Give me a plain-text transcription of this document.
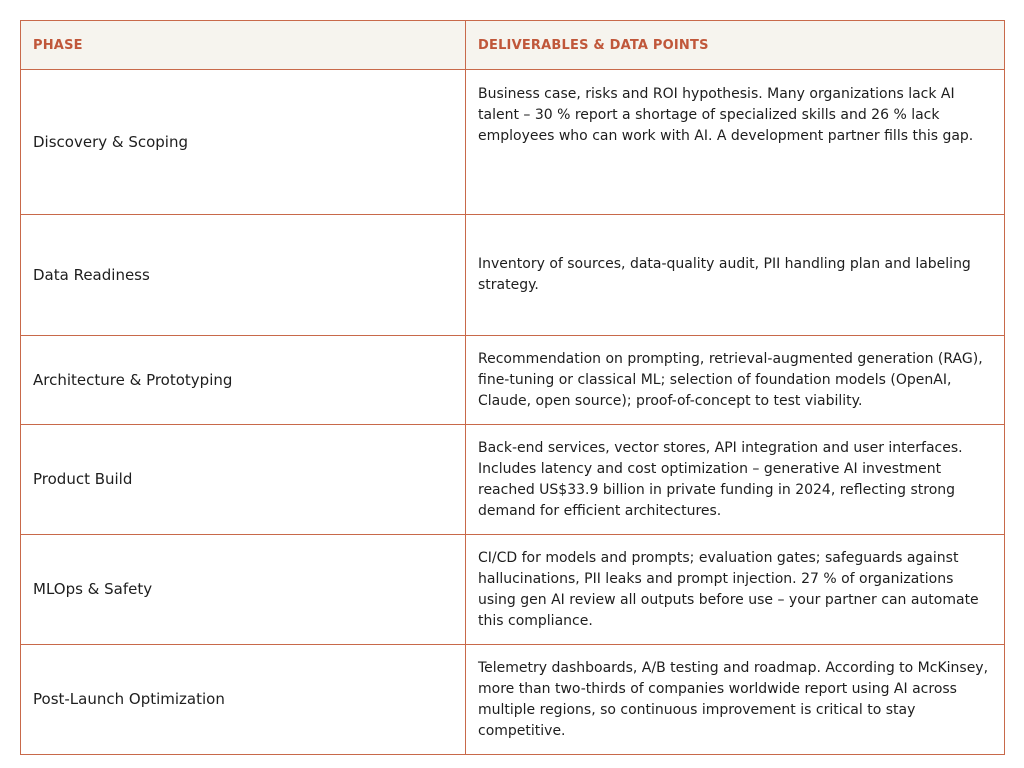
PHASE	DELIVERABLES & DATA POINTS
Discovery & Scoping	Business case, risks and ROI hypothesis. Many organizations lack AI talent – 30 % report a shortage of specialized skills and 26 % lack employees who can work with AI. A development partner fills this gap.
Data Readiness	Inventory of sources, data-quality audit, PII handling plan and labeling strategy.
Architecture & Prototyping	Recommendation on prompting, retrieval-augmented generation (RAG), fine-tuning or classical ML; selection of foundation models (OpenAI, Claude, open source); proof-of-concept to test viability.
Product Build	Back-end services, vector stores, API integration and user interfaces. Includes latency and cost optimization – generative AI investment reached US$33.9 billion in private funding in 2024, reflecting strong demand for efficient architectures.
MLOps & Safety	CI/CD for models and prompts; evaluation gates; safeguards against hallucinations, PII leaks and prompt injection. 27 % of organizations using gen AI review all outputs before use – your partner can automate this compliance.
Post-Launch Optimization	Telemetry dashboards, A/B testing and roadmap. According to McKinsey, more than two-thirds of companies worldwide report using AI across multiple regions, so continuous improvement is critical to stay competitive.
